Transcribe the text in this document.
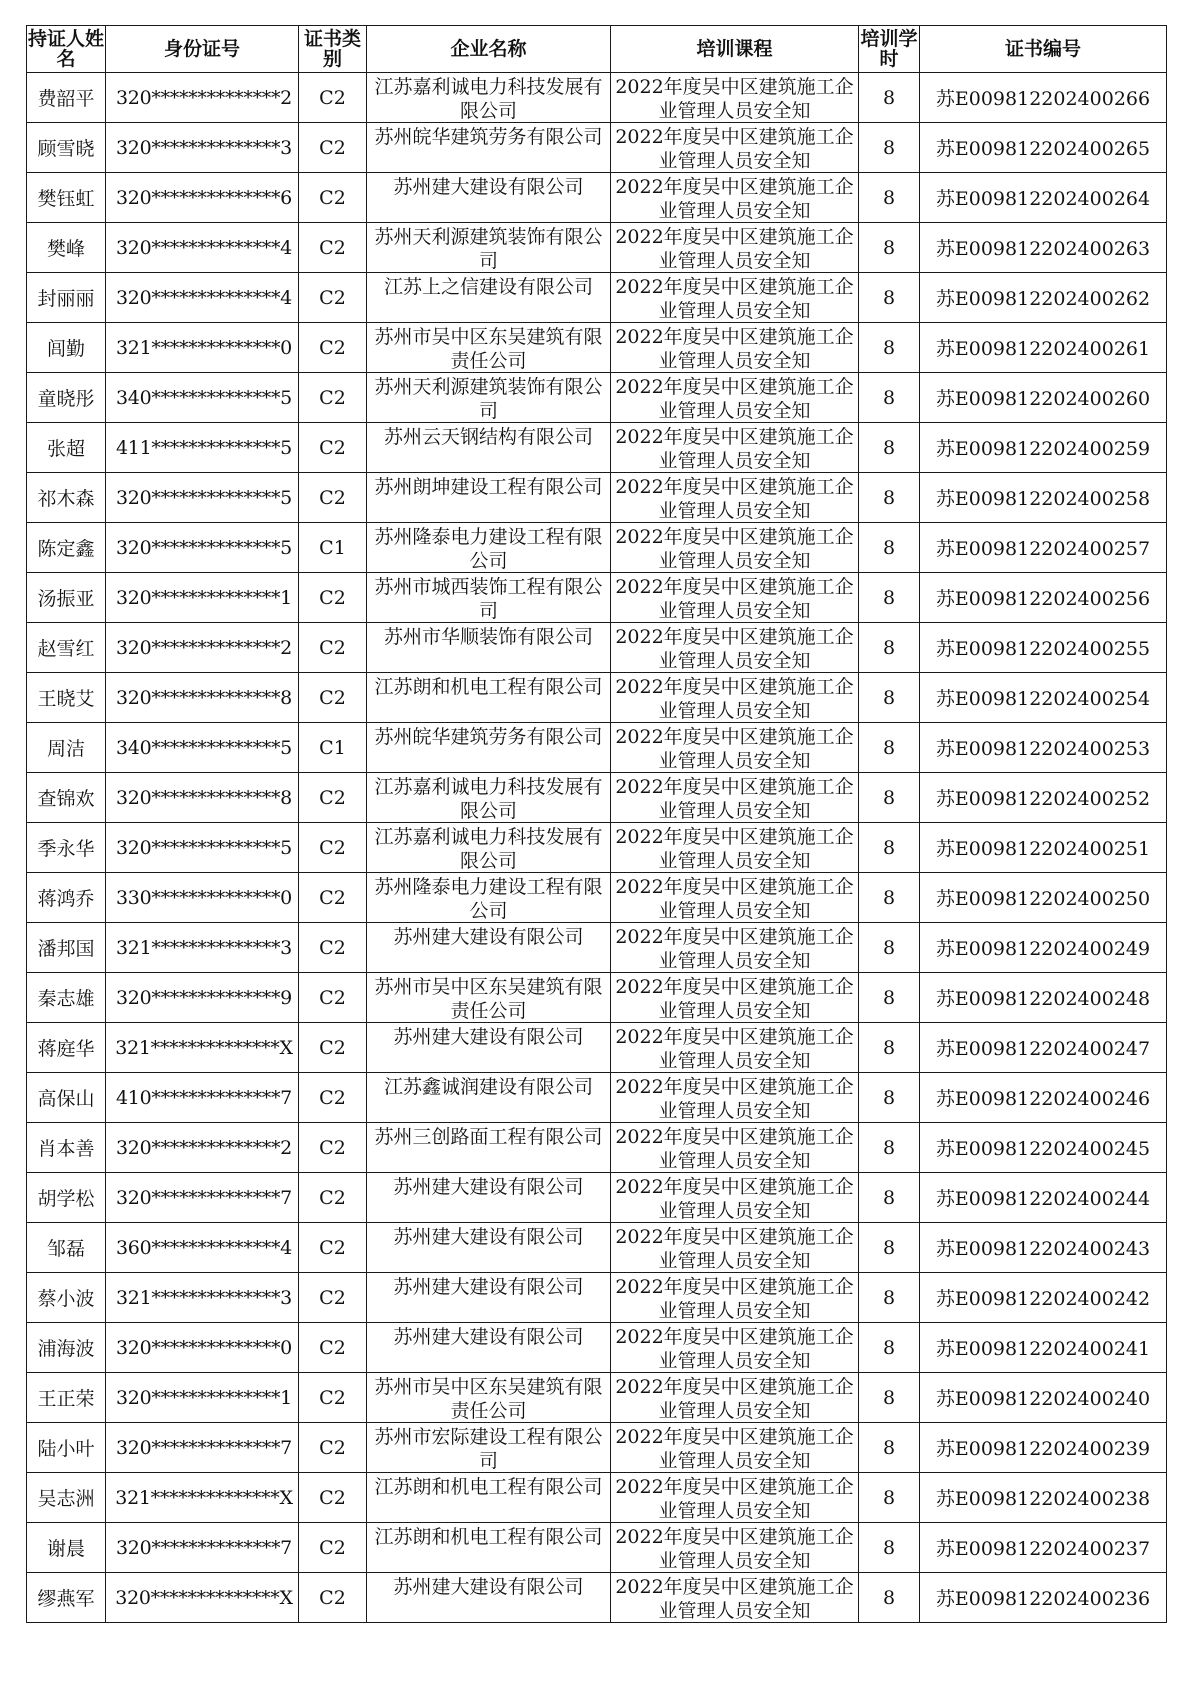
持证人姓名	身份证号	证书类别	企业名称	培训课程	培训学时	证书编号
费韶平	320**************2	C2	江苏嘉利诚电力科技发展有限公司	2022年度吴中区建筑施工企业管理人员安全知	8	苏E009812202400266
顾雪晓	320**************3	C2	苏州皖华建筑劳务有限公司	2022年度吴中区建筑施工企业管理人员安全知	8	苏E009812202400265
樊钰虹	320**************6	C2	苏州建大建设有限公司	2022年度吴中区建筑施工企业管理人员安全知	8	苏E009812202400264
樊峰	320**************4	C2	苏州天利源建筑装饰有限公司	2022年度吴中区建筑施工企业管理人员安全知	8	苏E009812202400263
封丽丽	320**************4	C2	江苏上之信建设有限公司	2022年度吴中区建筑施工企业管理人员安全知	8	苏E009812202400262
闾勤	321**************0	C2	苏州市吴中区东吴建筑有限责任公司	2022年度吴中区建筑施工企业管理人员安全知	8	苏E009812202400261
童晓彤	340**************5	C2	苏州天利源建筑装饰有限公司	2022年度吴中区建筑施工企业管理人员安全知	8	苏E009812202400260
张超	411**************5	C2	苏州云天钢结构有限公司	2022年度吴中区建筑施工企业管理人员安全知	8	苏E009812202400259
祁木森	320**************5	C2	苏州朗坤建设工程有限公司	2022年度吴中区建筑施工企业管理人员安全知	8	苏E009812202400258
陈定鑫	320**************5	C1	苏州隆泰电力建设工程有限公司	2022年度吴中区建筑施工企业管理人员安全知	8	苏E009812202400257
汤振亚	320**************1	C2	苏州市城西装饰工程有限公司	2022年度吴中区建筑施工企业管理人员安全知	8	苏E009812202400256
赵雪红	320**************2	C2	苏州市华顺装饰有限公司	2022年度吴中区建筑施工企业管理人员安全知	8	苏E009812202400255
王晓艾	320**************8	C2	江苏朗和机电工程有限公司	2022年度吴中区建筑施工企业管理人员安全知	8	苏E009812202400254
周洁	340**************5	C1	苏州皖华建筑劳务有限公司	2022年度吴中区建筑施工企业管理人员安全知	8	苏E009812202400253
查锦欢	320**************8	C2	江苏嘉利诚电力科技发展有限公司	2022年度吴中区建筑施工企业管理人员安全知	8	苏E009812202400252
季永华	320**************5	C2	江苏嘉利诚电力科技发展有限公司	2022年度吴中区建筑施工企业管理人员安全知	8	苏E009812202400251
蒋鸿乔	330**************0	C2	苏州隆泰电力建设工程有限公司	2022年度吴中区建筑施工企业管理人员安全知	8	苏E009812202400250
潘邦国	321**************3	C2	苏州建大建设有限公司	2022年度吴中区建筑施工企业管理人员安全知	8	苏E009812202400249
秦志雄	320**************9	C2	苏州市吴中区东吴建筑有限责任公司	2022年度吴中区建筑施工企业管理人员安全知	8	苏E009812202400248
蒋庭华	321**************X	C2	苏州建大建设有限公司	2022年度吴中区建筑施工企业管理人员安全知	8	苏E009812202400247
高保山	410**************7	C2	江苏鑫诚润建设有限公司	2022年度吴中区建筑施工企业管理人员安全知	8	苏E009812202400246
肖本善	320**************2	C2	苏州三创路面工程有限公司	2022年度吴中区建筑施工企业管理人员安全知	8	苏E009812202400245
胡学松	320**************7	C2	苏州建大建设有限公司	2022年度吴中区建筑施工企业管理人员安全知	8	苏E009812202400244
邹磊	360**************4	C2	苏州建大建设有限公司	2022年度吴中区建筑施工企业管理人员安全知	8	苏E009812202400243
蔡小波	321**************3	C2	苏州建大建设有限公司	2022年度吴中区建筑施工企业管理人员安全知	8	苏E009812202400242
浦海波	320**************0	C2	苏州建大建设有限公司	2022年度吴中区建筑施工企业管理人员安全知	8	苏E009812202400241
王正荣	320**************1	C2	苏州市吴中区东吴建筑有限责任公司	2022年度吴中区建筑施工企业管理人员安全知	8	苏E009812202400240
陆小叶	320**************7	C2	苏州市宏际建设工程有限公司	2022年度吴中区建筑施工企业管理人员安全知	8	苏E009812202400239
吴志洲	321**************X	C2	江苏朗和机电工程有限公司	2022年度吴中区建筑施工企业管理人员安全知	8	苏E009812202400238
谢晨	320**************7	C2	江苏朗和机电工程有限公司	2022年度吴中区建筑施工企业管理人员安全知	8	苏E009812202400237
缪燕军	320**************X	C2	苏州建大建设有限公司	2022年度吴中区建筑施工企业管理人员安全知	8	苏E009812202400236
